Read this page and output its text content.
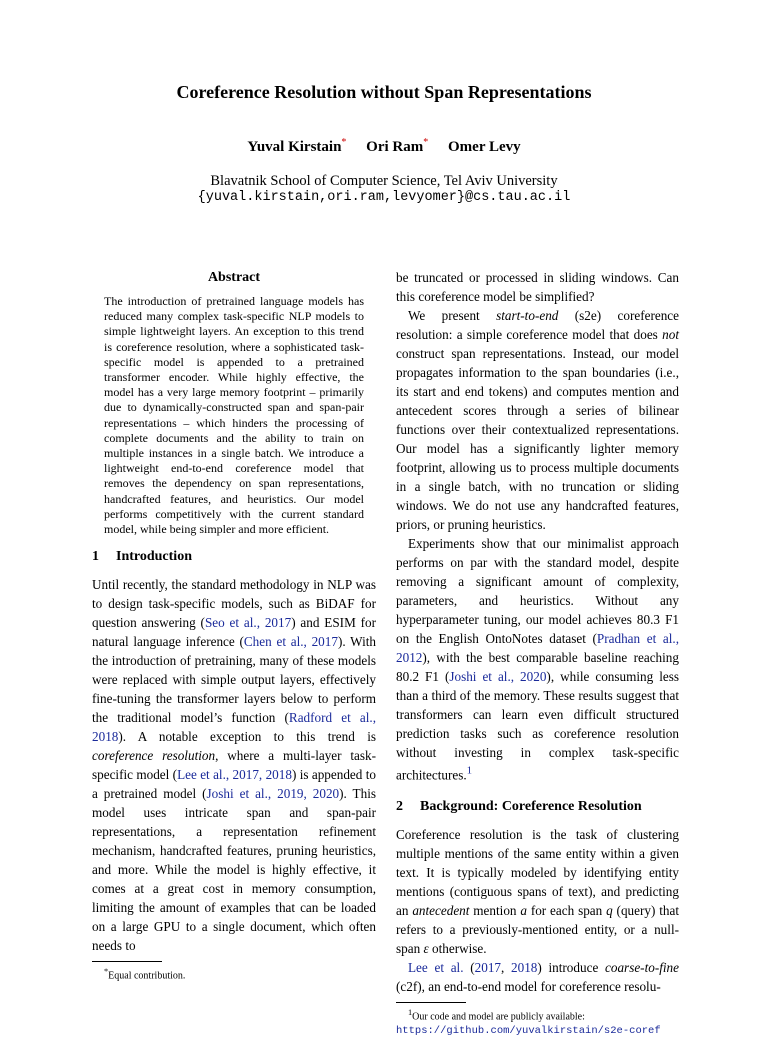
Coreference Resolution without Span Representations
Yuval Kirstain* Ori Ram* Omer Levy
Blavatnik School of Computer Science, Tel Aviv University
{yuval.kirstain,ori.ram,levyomer}@cs.tau.ac.il
Abstract

The introduction of pretrained language models has reduced many complex task-specific NLP models to simple lightweight layers. An exception to this trend is coreference resolution, where a sophisticated task-specific model is appended to a pretrained transformer encoder. While highly effective, the model has a very large memory footprint – primarily due to dynamically-constructed span and span-pair representations – which hinders the processing of complete documents and the ability to train on multiple instances in a single batch. We introduce a lightweight end-to-end coreference model that removes the dependency on span representations, handcrafted features, and heuristics. Our model performs competitively with the current standard model, while being simpler and more efficient.

1 Introduction

Until recently, the standard methodology in NLP was to design task-specific models, such as BiDAF for question answering (Seo et al., 2017) and ESIM for natural language inference (Chen et al., 2017). With the introduction of pretraining, many of these models were replaced with simple output layers, effectively fine-tuning the transformer layers below to perform the traditional model’s function (Radford et al., 2018). A notable exception to this trend is coreference resolution, where a multi-layer task-specific model (Lee et al., 2017, 2018) is appended to a pretrained model (Joshi et al., 2019, 2020). This model uses intricate span and span-pair representations, a representation refinement mechanism, handcrafted features, pruning heuristics, and more. While the model is highly effective, it comes at a great cost in memory consumption, limiting the amount of examples that can be loaded on a large GPU to a single document, which often needs to

*Equal contribution.

be truncated or processed in sliding windows. Can this coreference model be simplified?

We present start-to-end (s2e) coreference resolution: a simple coreference model that does not construct span representations. Instead, our model propagates information to the span boundaries (i.e., its start and end tokens) and computes mention and antecedent scores through a series of bilinear functions over their contextualized representations. Our model has a significantly lighter memory footprint, allowing us to process multiple documents in a single batch, with no truncation or sliding windows. We do not use any handcrafted features, priors, or pruning heuristics.

Experiments show that our minimalist approach performs on par with the standard model, despite removing a significant amount of complexity, parameters, and heuristics. Without any hyperparameter tuning, our model achieves 80.3 F1 on the English OntoNotes dataset (Pradhan et al., 2012), with the best comparable baseline reaching 80.2 F1 (Joshi et al., 2020), while consuming less than a third of the memory. These results suggest that transformers can learn even difficult structured prediction tasks such as coreference resolution without investing in complex task-specific architectures.$^1$

2 Background: Coreference Resolution

Coreference resolution is the task of clustering multiple mentions of the same entity within a given text. It is typically modeled by identifying entity mentions (contiguous spans of text), and predicting an antecedent mention a for each span q (query) that refers to a previously-mentioned entity, or a null-span ε otherwise.

Lee et al. (2017, 2018) introduce coarse-to-fine (c2f), an end-to-end model for coreference resolu-

$^1$Our code and model are publicly available: https://github.com/yuvalkirstain/s2e-coref
